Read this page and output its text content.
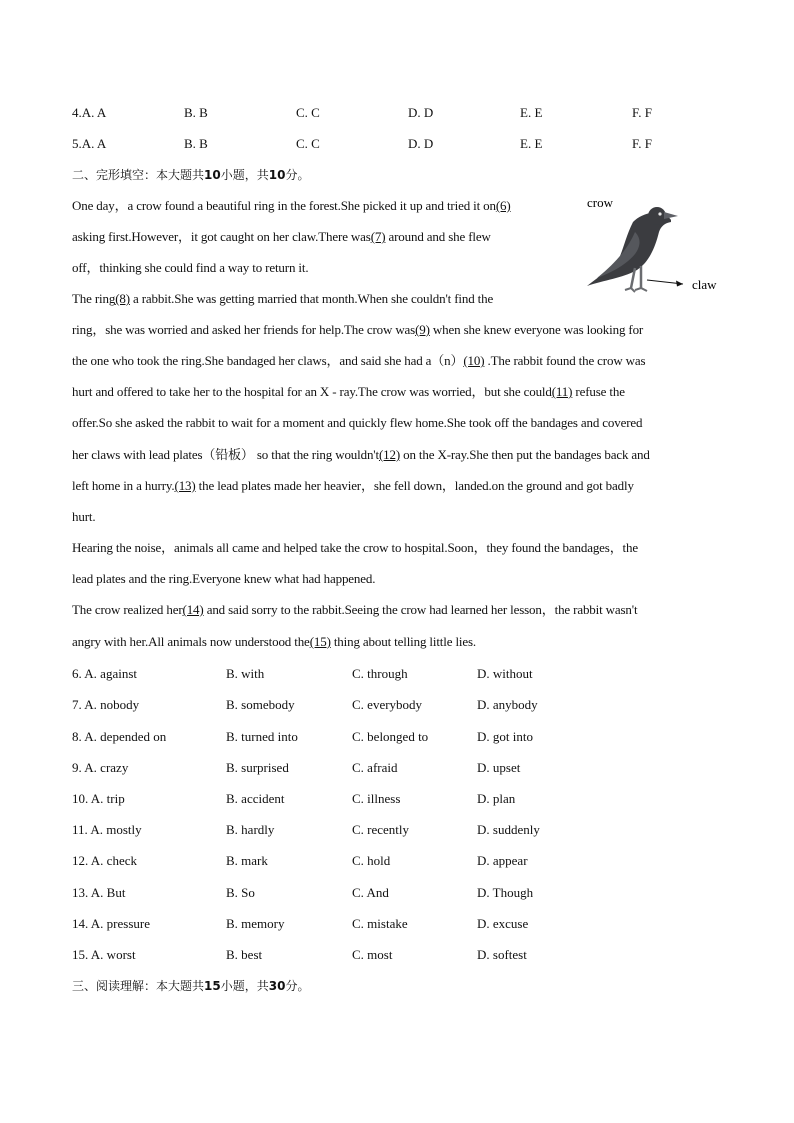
4.A. A	B. B	C. C	D. D	E. E	F. F
5.A. A	B. B	C. C	D. D	E. E	F. F
二、完形填空：本大题共10小题，共10分。
One day，a crow found a beautiful ring in the forest.She picked it up and tried it on(6)
asking first.However，it got caught on her claw.There was(7) around and she flew
off，thinking she could find a way to return it.
The ring(8) a rabbit.She was getting married that month.When she couldn't find the
ring，she was worried and asked her friends for help.The crow was(9) when she knew everyone was looking for
the one who took the ring.She bandaged her claws，and said she had a（n）(10) .The rabbit found the crow was
hurt and offered to take her to the hospital for an X - ray.The crow was worried，but she could(11) refuse the
offer.So she asked the rabbit to wait for a moment and quickly flew home.She took off the bandages and covered
her claws with lead plates（铅板） so that the ring wouldn't(12) on the X-ray.She then put the bandages back and
left home in a hurry.(13) the lead plates made her heavier，she fell down，landed.on the ground and got badly
hurt.
Hearing the noise，animals all came and helped take the crow to hospital.Soon，they found the bandages，the
lead plates and the ring.Everyone knew what had happened.
The crow realized her(14) and said sorry to the rabbit.Seeing the crow had learned her lesson，the rabbit wasn't
angry with her.All animals now understood the(15) thing about telling little lies.
crow
claw
6. A. against	B. with	C. through	D. without
7. A. nobody	B. somebody	C. everybody	D. anybody
8. A. depended on	B. turned into	C. belonged to	D. got into
9. A. crazy	B. surprised	C. afraid	D. upset
10. A. trip	B. accident	C. illness	D. plan
11. A. mostly	B. hardly	C. recently	D. suddenly
12. A. check	B. mark	C. hold	D. appear
13. A. But	B. So	C. And	D. Though
14. A. pressure	B. memory	C. mistake	D. excuse
15. A. worst	B. best	C. most	D. softest
三、阅读理解：本大题共15小题，共30分。
